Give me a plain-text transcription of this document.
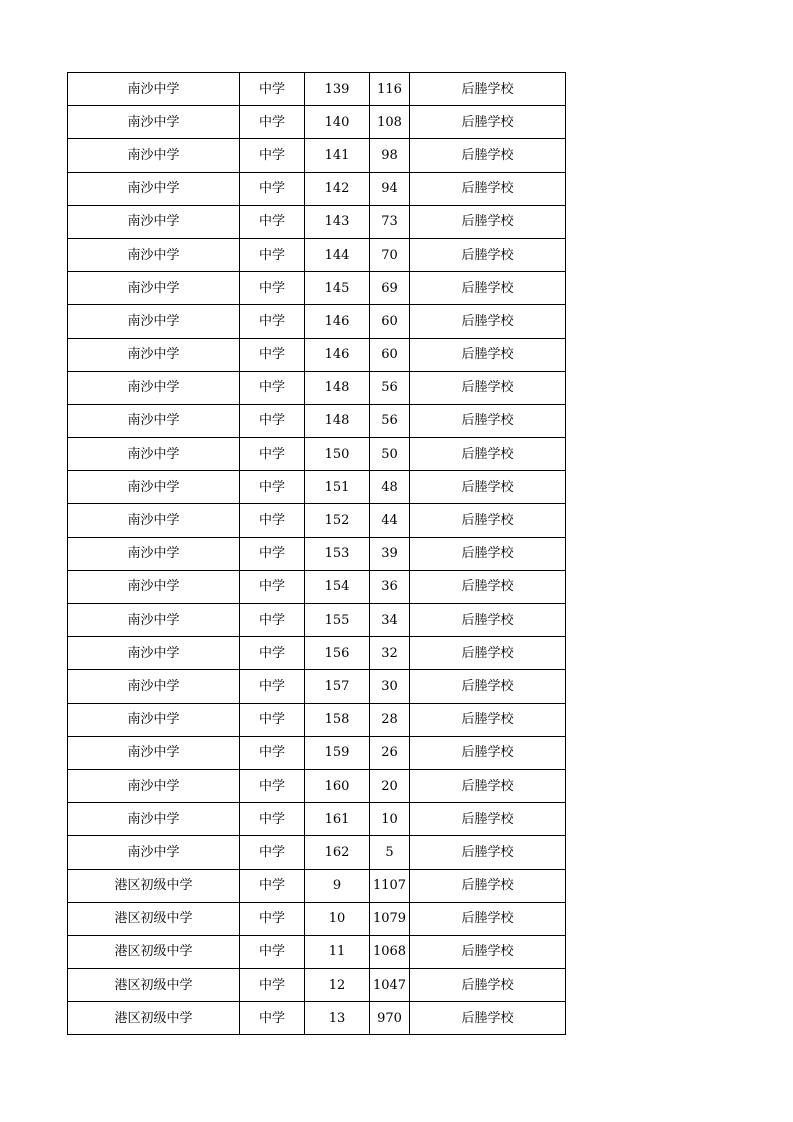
南沙中学	中学	139	116	后塍学校
南沙中学	中学	140	108	后塍学校
南沙中学	中学	141	98	后塍学校
南沙中学	中学	142	94	后塍学校
南沙中学	中学	143	73	后塍学校
南沙中学	中学	144	70	后塍学校
南沙中学	中学	145	69	后塍学校
南沙中学	中学	146	60	后塍学校
南沙中学	中学	146	60	后塍学校
南沙中学	中学	148	56	后塍学校
南沙中学	中学	148	56	后塍学校
南沙中学	中学	150	50	后塍学校
南沙中学	中学	151	48	后塍学校
南沙中学	中学	152	44	后塍学校
南沙中学	中学	153	39	后塍学校
南沙中学	中学	154	36	后塍学校
南沙中学	中学	155	34	后塍学校
南沙中学	中学	156	32	后塍学校
南沙中学	中学	157	30	后塍学校
南沙中学	中学	158	28	后塍学校
南沙中学	中学	159	26	后塍学校
南沙中学	中学	160	20	后塍学校
南沙中学	中学	161	10	后塍学校
南沙中学	中学	162	5	后塍学校
港区初级中学	中学	9	1107	后塍学校
港区初级中学	中学	10	1079	后塍学校
港区初级中学	中学	11	1068	后塍学校
港区初级中学	中学	12	1047	后塍学校
港区初级中学	中学	13	970	后塍学校
